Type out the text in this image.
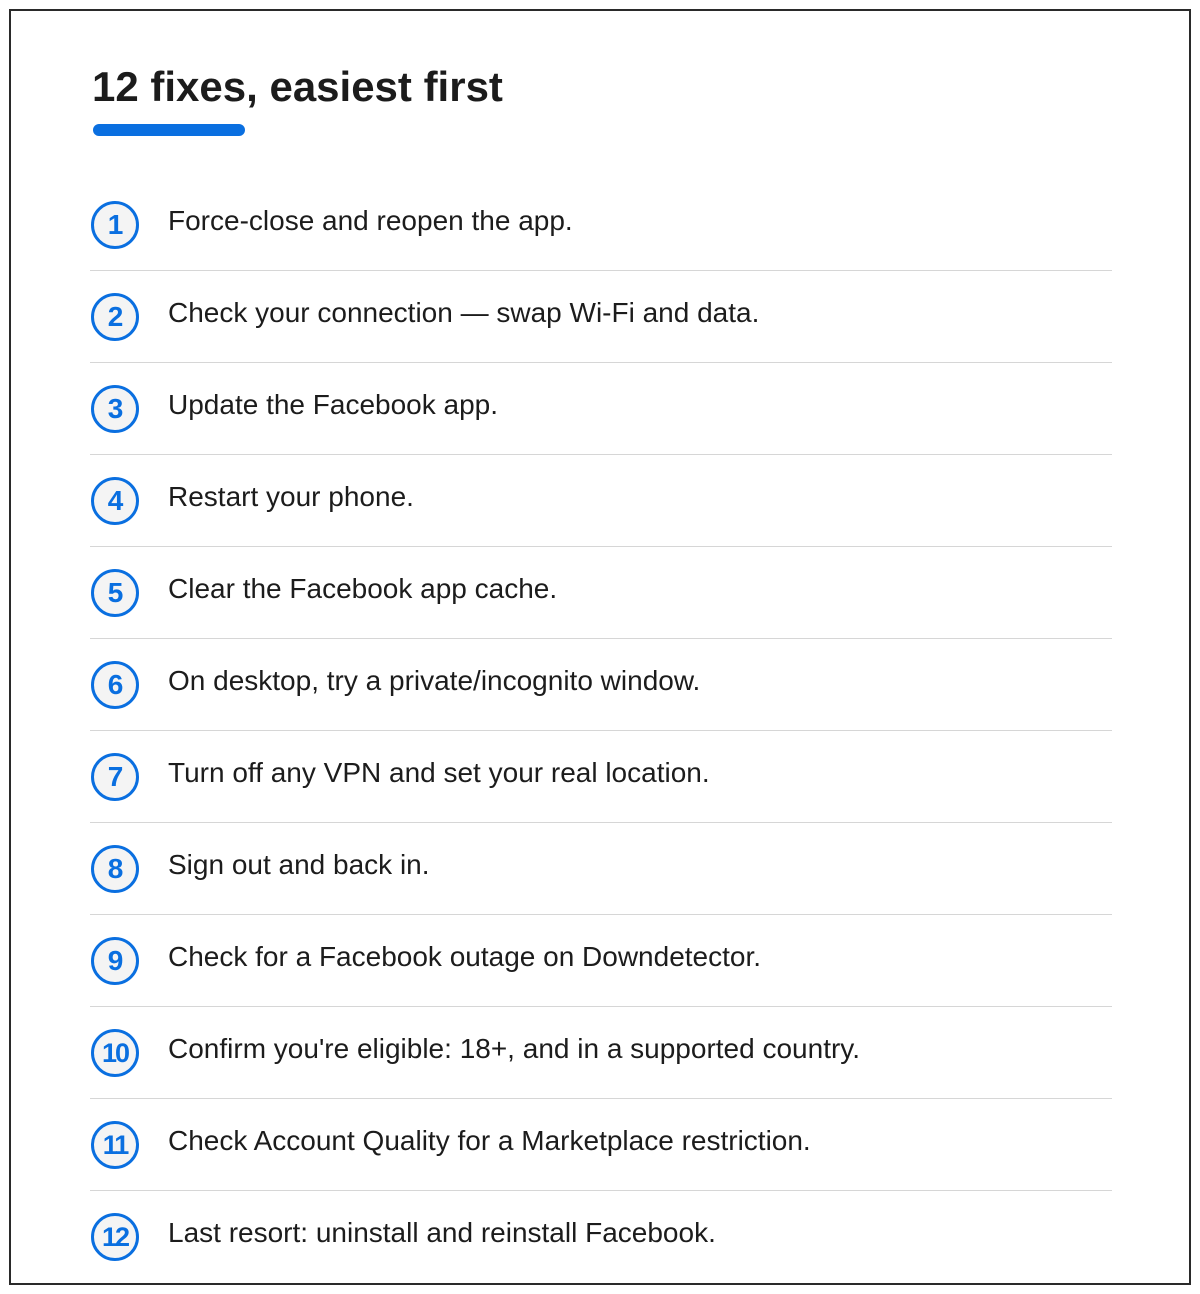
12 fixes, easiest first
1	Force-close and reopen the app.
2	Check your connection — swap Wi-Fi and data.
3	Update the Facebook app.
4	Restart your phone.
5	Clear the Facebook app cache.
6	On desktop, try a private/incognito window.
7	Turn off any VPN and set your real location.
8	Sign out and back in.
9	Check for a Facebook outage on Downdetector.
10	Confirm you're eligible: 18+, and in a supported country.
11	Check Account Quality for a Marketplace restriction.
12	Last resort: uninstall and reinstall Facebook.
